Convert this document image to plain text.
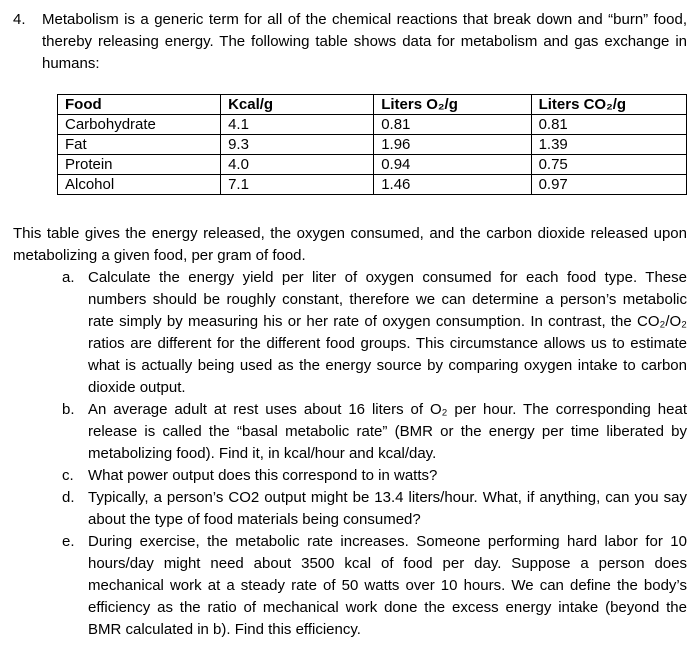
4.	Metabolism is a generic term for all of the chemical reactions that break down and “burn” food, thereby releasing energy. The following table shows data for metabolism and gas exchange in humans:
Food	Kcal/g	Liters O₂/g	Liters CO₂/g
Carbohydrate	4.1	0.81	0.81
Fat	9.3	1.96	1.39
Protein	4.0	0.94	0.75
Alcohol	7.1	1.46	0.97

This table gives the energy released, the oxygen consumed, and the carbon dioxide released upon metabolizing a given food, per gram of food.

a. Calculate the energy yield per liter of oxygen consumed for each food type. These numbers should be roughly constant, therefore we can determine a person’s metabolic rate simply by measuring his or her rate of oxygen consumption. In contrast, the CO₂/O₂ ratios are different for the different food groups. This circumstance allows us to estimate what is actually being used as the energy source by comparing oxygen intake to carbon dioxide output.
b. An average adult at rest uses about 16 liters of O₂ per hour. The corresponding heat release is called the “basal metabolic rate” (BMR or the energy per time liberated by metabolizing food). Find it, in kcal/hour and kcal/day.
c. What power output does this correspond to in watts?
d. Typically, a person’s CO2 output might be 13.4 liters/hour. What, if anything, can you say about the type of food materials being consumed?
e. During exercise, the metabolic rate increases. Someone performing hard labor for 10 hours/day might need about 3500 kcal of food per day. Suppose a person does mechanical work at a steady rate of 50 watts over 10 hours. We can define the body’s efficiency as the ratio of mechanical work done the excess energy intake (beyond the BMR calculated in b). Find this efficiency.
